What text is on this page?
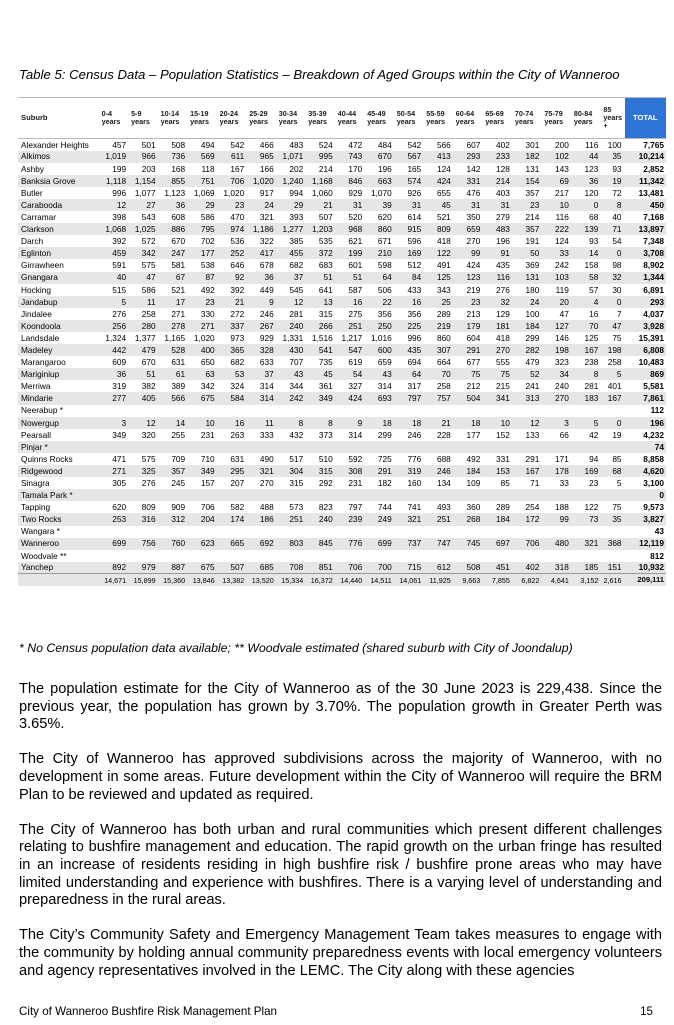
Table 5: Census Data – Population Statistics – Breakdown of Aged Groups within the City of Wanneroo
Suburb	0-4 years	5-9 years	10-14 years	15-19 years	20-24 years	25-29 years	30-34 years	35-39 years	40-44 years	45-49 years	50-54 years	55-59 years	60-64 years	65-69 years	70-74 years	75-79 years	80-84 years	85 years +	TOTAL
Alexander Heights	457	501	508	494	542	466	483	524	472	484	542	566	607	402	301	200	116	100	7,765
Alkimos	1,019	966	736	569	611	965	1,071	995	743	670	567	413	293	233	182	102	44	35	10,214
Ashby	199	203	168	118	167	166	202	214	170	196	165	124	142	128	131	143	123	93	2,852
Banksia Grove	1,118	1,154	855	751	706	1,020	1,240	1,168	846	663	574	424	331	214	154	69	36	19	11,342
Butler	996	1,077	1,123	1,069	1,020	917	994	1,060	929	1,070	926	655	476	403	357	217	120	72	13,481
Carabooda	12	27	36	29	23	24	29	21	31	39	31	45	31	31	23	10	0	8	450
Carramar	398	543	608	586	470	321	393	507	520	620	614	521	350	279	214	116	68	40	7,168
Clarkson	1,068	1,025	886	795	974	1,186	1,277	1,203	968	860	915	809	659	483	357	222	139	71	13,897
Darch	392	572	670	702	536	322	385	535	621	671	596	418	270	196	191	124	93	54	7,348
Eglinton	459	342	247	177	252	417	455	372	199	210	169	122	99	91	50	33	14	0	3,708
Girrawheen	591	575	581	538	646	678	682	683	601	598	512	491	424	435	369	242	158	98	8,902
Gnangara	40	47	67	87	92	36	37	51	51	64	84	125	123	116	131	103	58	32	1,344
Hocking	515	586	521	492	392	449	545	641	587	506	433	343	219	276	180	119	57	30	6,891
Jandabup	5	11	17	23	21	9	12	13	16	22	16	25	23	32	24	20	4	0	293
Jindalee	276	258	271	330	272	246	281	315	275	356	356	289	213	129	100	47	16	7	4,037
Koondoola	256	280	278	271	337	267	240	266	251	250	225	219	179	181	184	127	70	47	3,928
Landsdale	1,324	1,377	1,165	1,020	973	929	1,331	1,516	1,217	1,016	996	860	604	418	299	146	125	75	15,391
Madeley	442	479	528	400	365	328	430	541	547	600	435	307	291	270	282	198	167	198	6,808
Marangaroo	609	670	631	650	682	633	707	735	619	659	694	664	677	555	479	323	238	258	10,483
Mariginiup	36	51	61	63	53	37	43	45	54	43	64	70	75	75	52	34	8	5	869
Merriwa	319	382	389	342	324	314	344	361	327	314	317	258	212	215	241	240	281	401	5,581
Mindarie	277	405	566	675	584	314	242	349	424	693	797	757	504	341	313	270	183	167	7,861
Neerabup *																			112
Nowergup	3	12	14	10	16	11	8	8	9	18	18	21	18	10	12	3	5	0	196
Pearsall	349	320	255	231	263	333	432	373	314	299	246	228	177	152	133	66	42	19	4,232
Pinjar *																			74
Quinns Rocks	471	575	709	710	631	490	517	510	592	725	776	688	492	331	291	171	94	85	8,858
Ridgewood	271	325	357	349	295	321	304	315	308	291	319	246	184	153	167	178	169	68	4,620
Sinagra	305	276	245	157	207	270	315	292	231	182	160	134	109	85	71	33	23	5	3,100
Tamala Park *																			0
Tapping	620	809	909	706	582	488	573	823	797	744	741	493	360	289	254	188	122	75	9,573
Two Rocks	253	316	312	204	174	186	251	240	239	249	321	251	268	184	172	99	73	35	3,827
Wangara *																			43
Wanneroo	699	756	760	623	665	692	803	845	776	699	737	747	745	697	706	480	321	368	12,119
Woodvale **																			812
Yanchep	892	979	887	675	507	685	708	851	706	700	715	612	508	451	402	318	185	151	10,932
	14,671	15,899	15,360	13,846	13,382	13,520	15,334	16,372	14,440	14,511	14,061	11,925	9,663	7,855	6,822	4,641	3,152	2,616	209,111
* No Census population data available; ** Woodvale estimated (shared suburb with City of Joondalup)

The population estimate for the City of Wanneroo as of the 30 June 2023 is 229,438. Since the previous year, the population has grown by 3.70%. The population growth in Greater Perth was 3.65%.

The City of Wanneroo has approved subdivisions across the majority of Wanneroo, with no development in some areas. Future development within the City of Wanneroo will require the BRM Plan to be reviewed and updated as required.

The City of Wanneroo has both urban and rural communities which present different challenges relating to bushfire management and education. The rapid growth on the urban fringe has resulted in an increase of residents residing in high bushfire risk / bushfire prone areas who may have limited understanding and experience with bushfires. There is a varying level of understanding and preparedness in the rural areas.

The City’s Community Safety and Emergency Management Team takes measures to engage with the community by holding annual community preparedness events with local emergency volunteers and agency representatives involved in the LEMC. The City along with these agencies

City of Wanneroo Bushfire Risk Management Plan	15
